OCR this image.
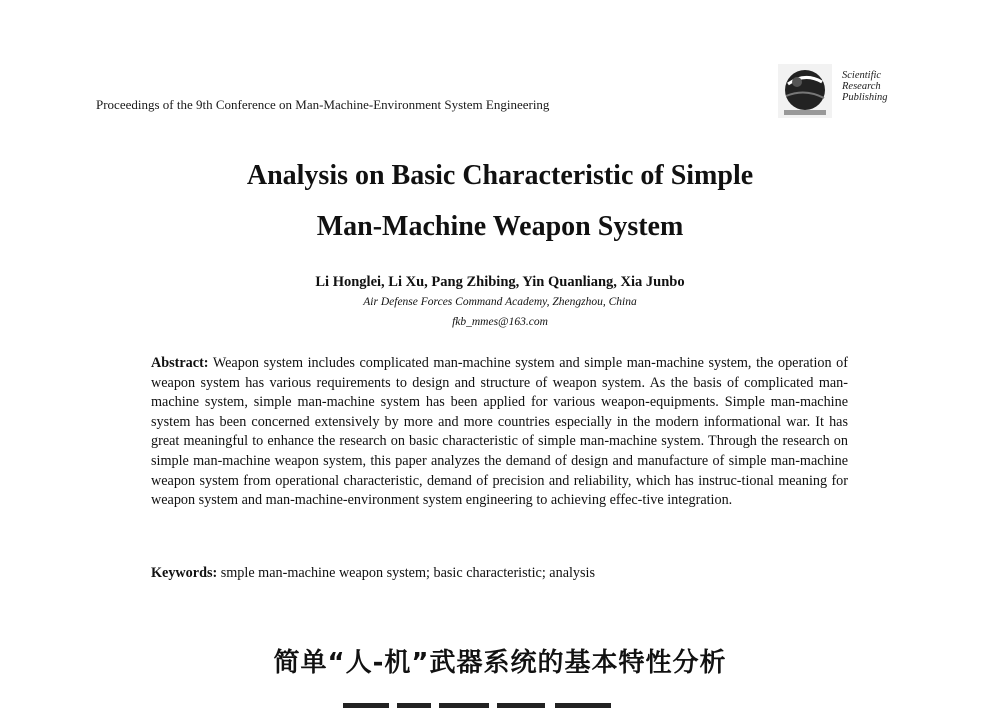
Proceedings of the 9th Conference on Man-Machine-Environment System Engineering
Scientific
Research
Publishing
Analysis on Basic Characteristic of Simple
Man-Machine Weapon System
Li Honglei, Li Xu, Pang Zhibing, Yin Quanliang, Xia Junbo
Air Defense Forces Command Academy, Zhengzhou, China
fkb_mmes@163.com
Abstract: Weapon system includes complicated man-machine system and simple man-machine system, the operation of weapon system has various requirements to design and structure of weapon system. As the basis of complicated man-machine system, simple man-machine system has been applied for various weapon-equipments. Simple man-machine system has been concerned extensively by more and more countries especially in the modern informational war. It has great meaningful to enhance the research on basic characteristic of simple man-machine system. Through the research on simple man-machine weapon system, this paper analyzes the demand of design and manufacture of simple man-machine weapon system from operational characteristic, demand of precision and reliability, which has instruc-tional meaning for weapon system and man-machine-environment system engineering to achieving effec-tive integration.
Keywords: smple man-machine weapon system; basic characteristic; analysis
简单“人-机”武器系统的基本特性分析
